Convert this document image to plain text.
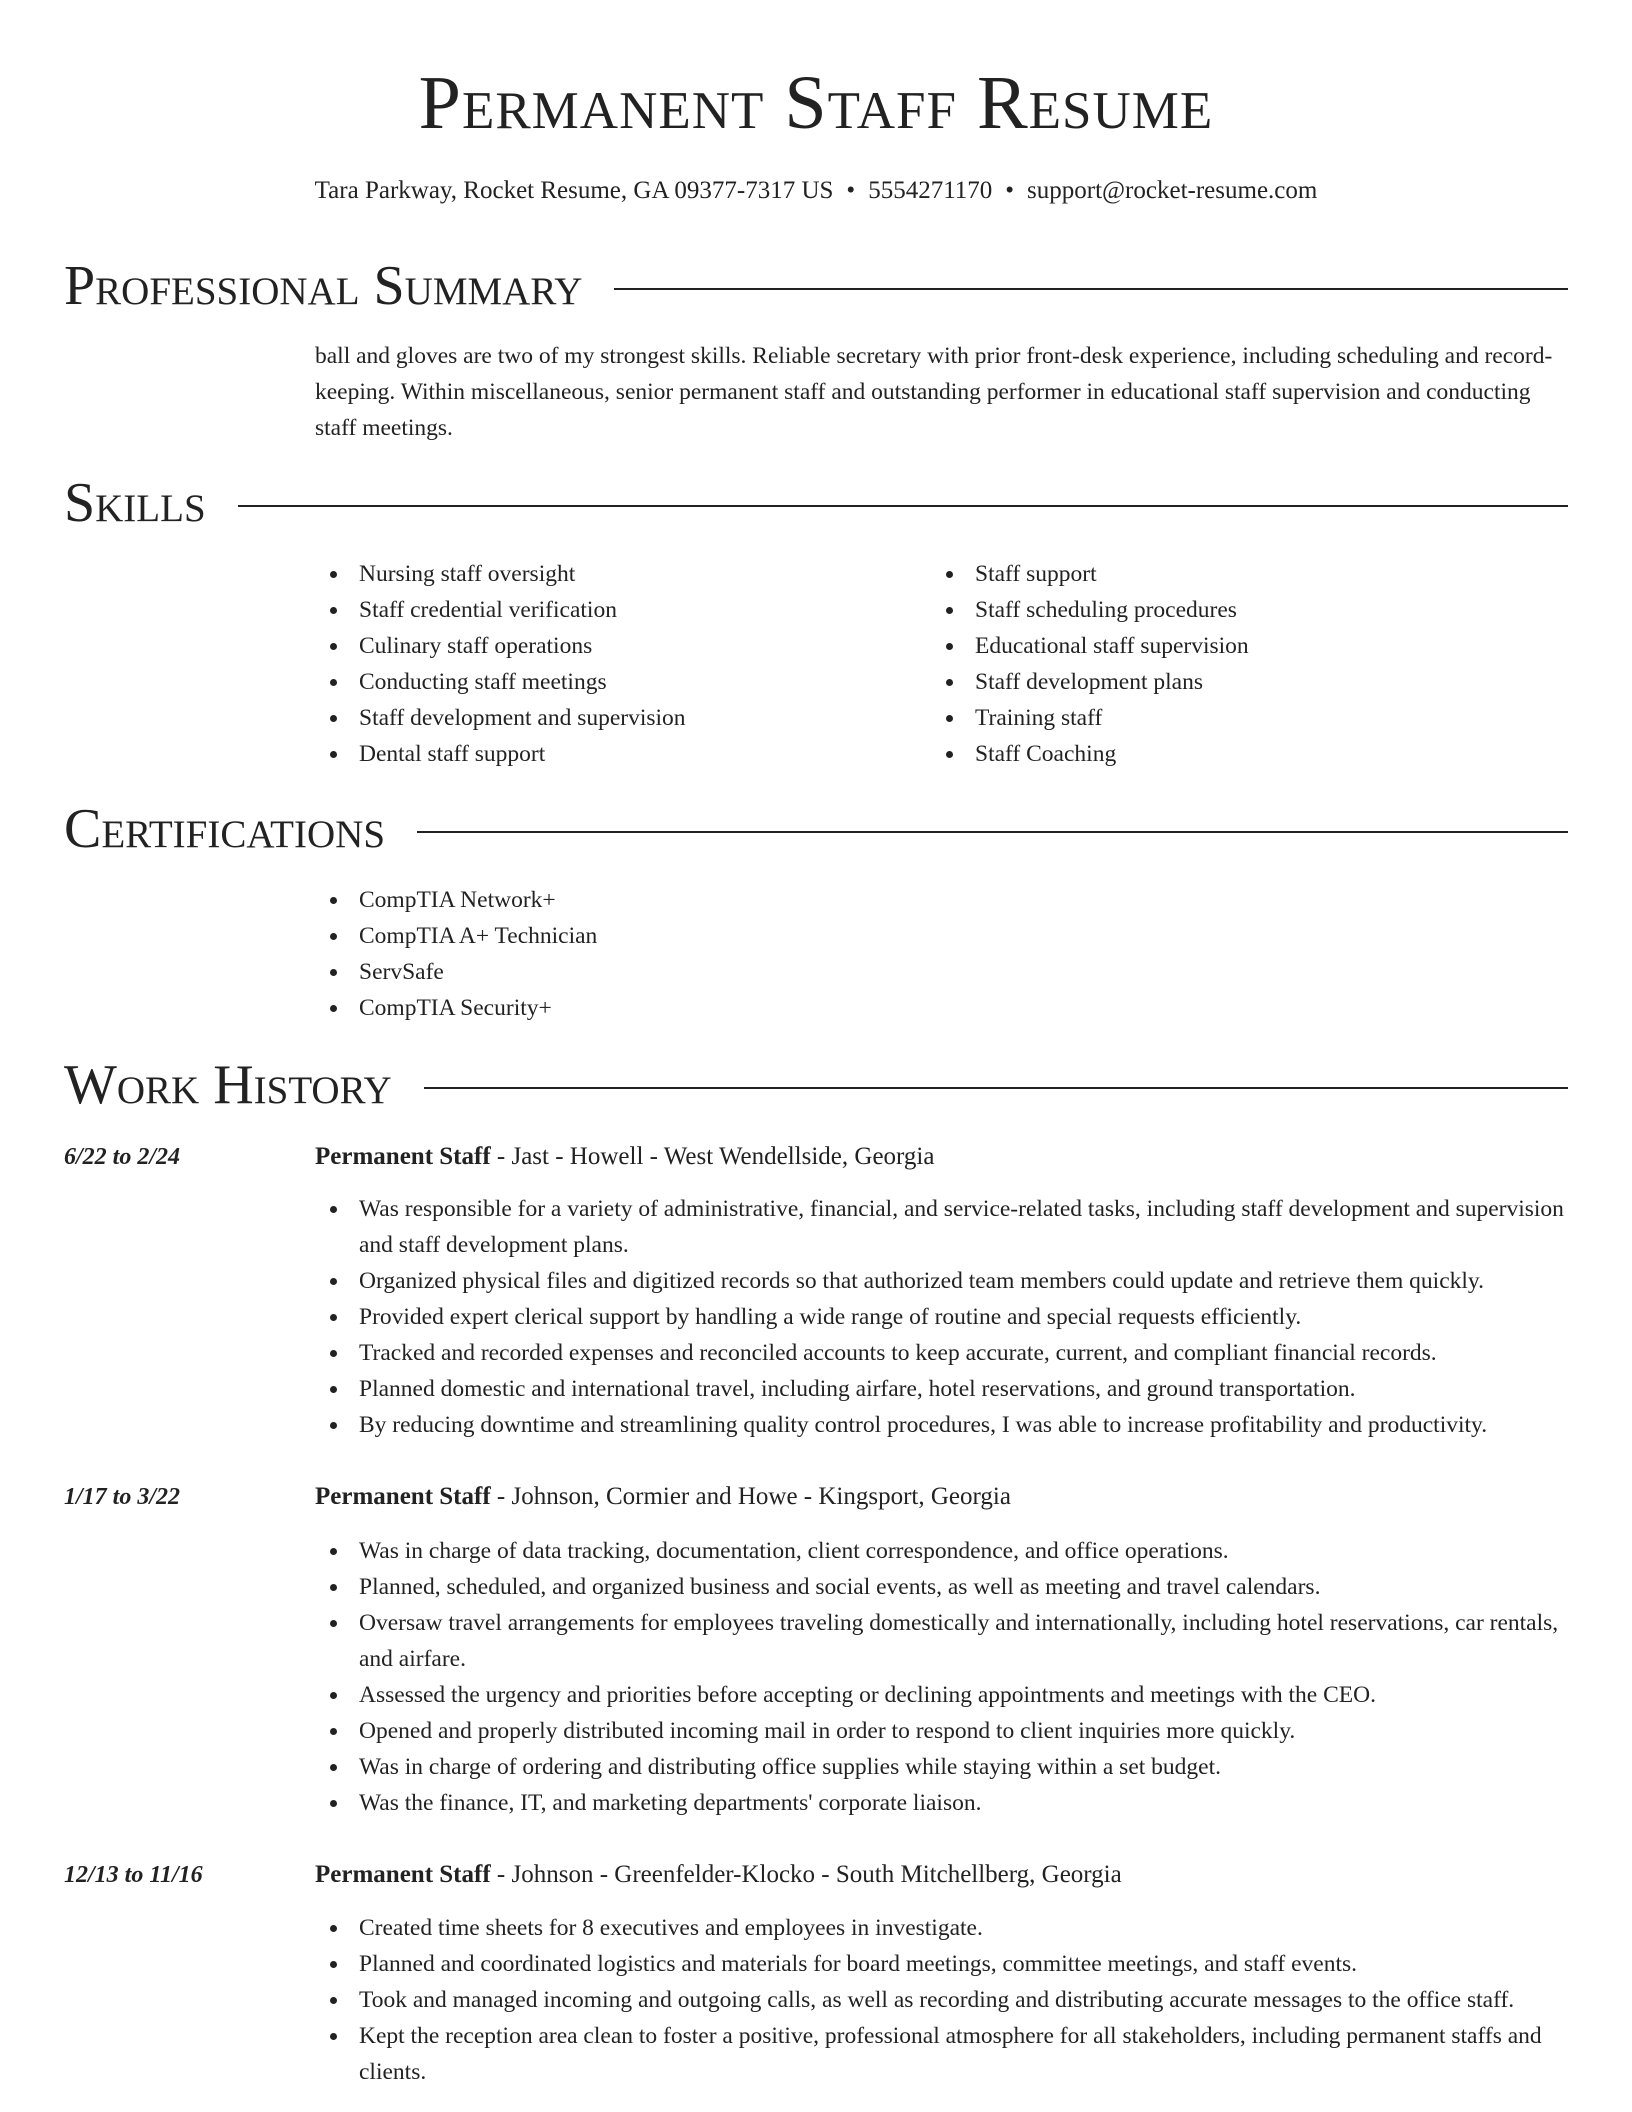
Permanent Staff Resume
Tara Parkway, Rocket Resume, GA 09377-7317 US • 5554271170 • support@rocket-resume.com
Professional Summary
ball and gloves are two of my strongest skills. Reliable secretary with prior front-desk experience, including scheduling and record-keeping. Within miscellaneous, senior permanent staff and outstanding performer in educational staff supervision and conducting staff meetings.
Skills
Nursing staff oversight
Staff credential verification
Culinary staff operations
Conducting staff meetings
Staff development and supervision
Dental staff support
Staff support
Staff scheduling procedures
Educational staff supervision
Staff development plans
Training staff
Staff Coaching
Certifications
CompTIA Network+
CompTIA A+ Technician
ServSafe
CompTIA Security+
Work History
6/22 to 2/24	Permanent Staff - Jast - Howell - West Wendellside, Georgia
Was responsible for a variety of administrative, financial, and service-related tasks, including staff development and supervision and staff development plans.
Organized physical files and digitized records so that authorized team members could update and retrieve them quickly.
Provided expert clerical support by handling a wide range of routine and special requests efficiently.
Tracked and recorded expenses and reconciled accounts to keep accurate, current, and compliant financial records.
Planned domestic and international travel, including airfare, hotel reservations, and ground transportation.
By reducing downtime and streamlining quality control procedures, I was able to increase profitability and productivity.
1/17 to 3/22	Permanent Staff - Johnson, Cormier and Howe - Kingsport, Georgia
Was in charge of data tracking, documentation, client correspondence, and office operations.
Planned, scheduled, and organized business and social events, as well as meeting and travel calendars.
Oversaw travel arrangements for employees traveling domestically and internationally, including hotel reservations, car rentals, and airfare.
Assessed the urgency and priorities before accepting or declining appointments and meetings with the CEO.
Opened and properly distributed incoming mail in order to respond to client inquiries more quickly.
Was in charge of ordering and distributing office supplies while staying within a set budget.
Was the finance, IT, and marketing departments' corporate liaison.
12/13 to 11/16	Permanent Staff - Johnson - Greenfelder-Klocko - South Mitchellberg, Georgia
Created time sheets for 8 executives and employees in investigate.
Planned and coordinated logistics and materials for board meetings, committee meetings, and staff events.
Took and managed incoming and outgoing calls, as well as recording and distributing accurate messages to the office staff.
Kept the reception area clean to foster a positive, professional atmosphere for all stakeholders, including permanent staffs and clients.
